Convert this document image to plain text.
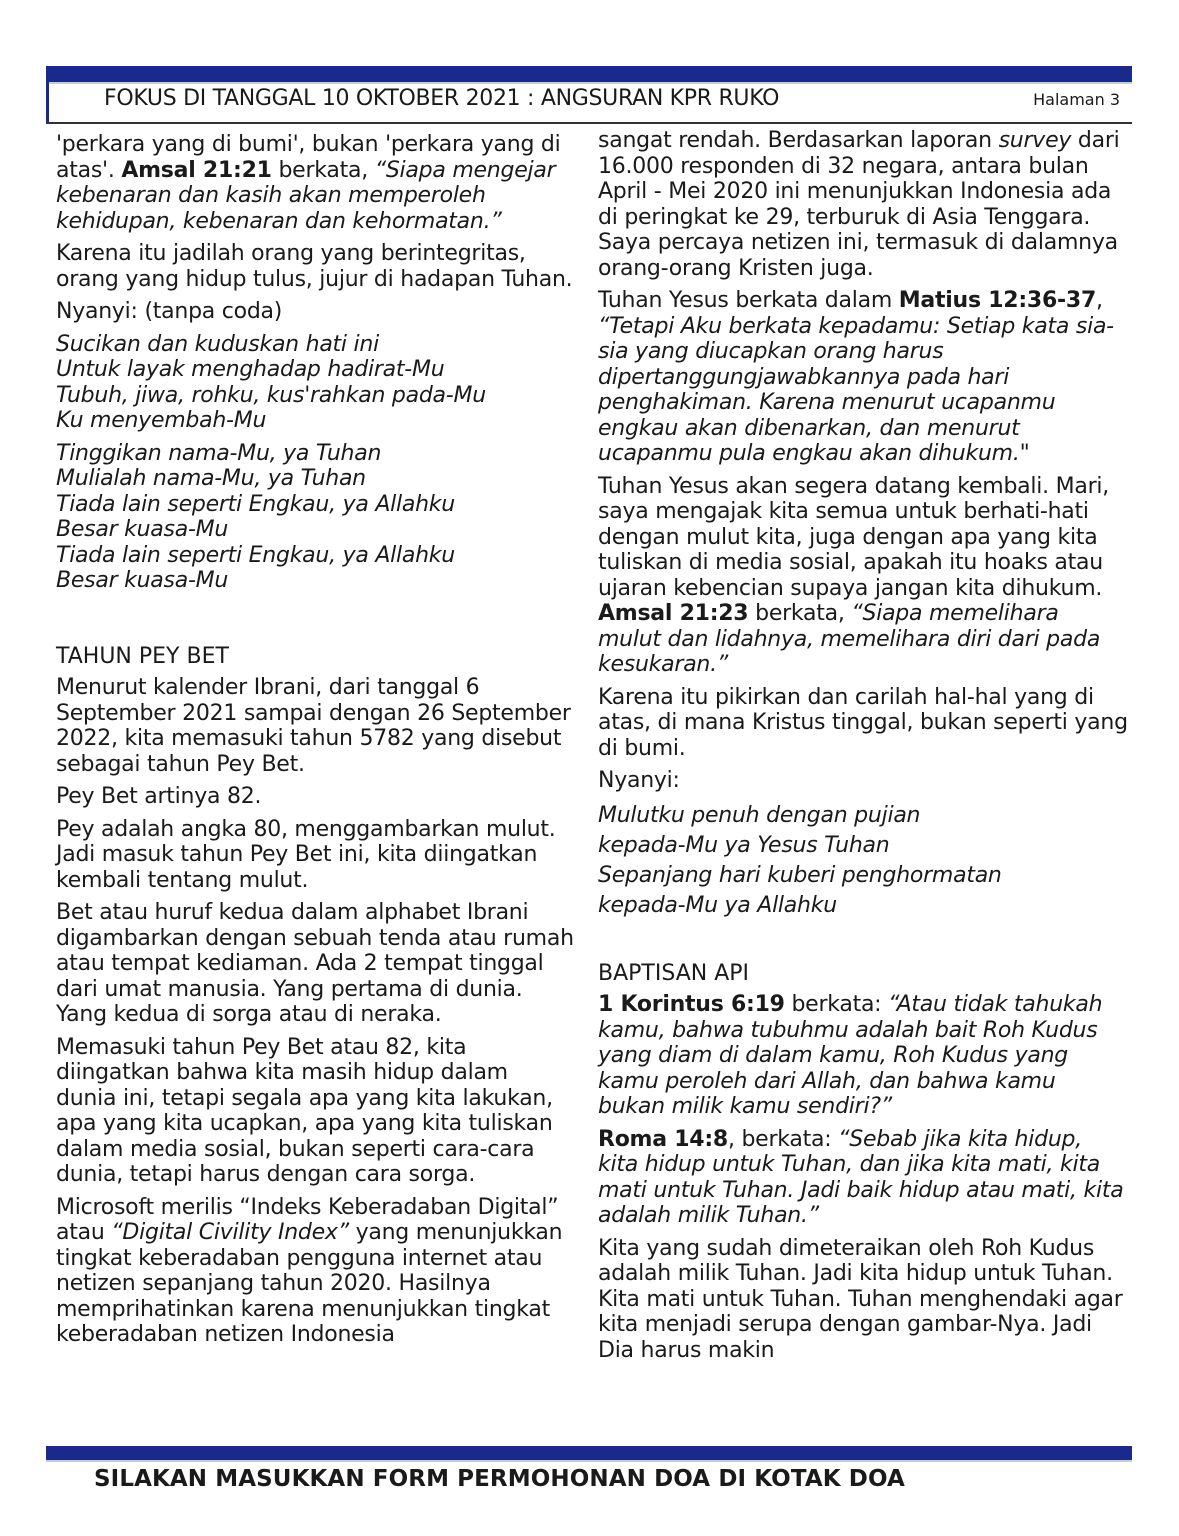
FOKUS DI TANGGAL 10 OKTOBER 2021 : ANGSURAN KPR RUKO	Halaman 3

'perkara yang di bumi', bukan 'perkara yang di atas'. Amsal 21:21 berkata, “Siapa mengejar kebenaran dan kasih akan memperoleh kehidupan, kebenaran dan kehormatan.”

Karena itu jadilah orang yang berintegritas, orang yang hidup tulus, jujur di hadapan Tuhan.

Nyanyi: (tanpa coda)

Sucikan dan kuduskan hati ini
Untuk layak menghadap hadirat-Mu
Tubuh, jiwa, rohku, kus'rahkan pada-Mu
Ku menyembah-Mu

Tinggikan nama-Mu, ya Tuhan
Mulialah nama-Mu, ya Tuhan
Tiada lain seperti Engkau, ya Allahku
Besar kuasa-Mu
Tiada lain seperti Engkau, ya Allahku
Besar kuasa-Mu

TAHUN PEY BET

Menurut kalender Ibrani, dari tanggal 6 September 2021 sampai dengan 26 September 2022, kita memasuki tahun 5782 yang disebut sebagai tahun Pey Bet.

Pey Bet artinya 82.

Pey adalah angka 80, menggambarkan mulut. Jadi masuk tahun Pey Bet ini, kita diingatkan kembali tentang mulut.

Bet atau huruf kedua dalam alphabet Ibrani digambarkan dengan sebuah tenda atau rumah atau tempat kediaman. Ada 2 tempat tinggal dari umat manusia. Yang pertama di dunia. Yang kedua di sorga atau di neraka.

Memasuki tahun Pey Bet atau 82, kita diingatkan bahwa kita masih hidup dalam dunia ini, tetapi segala apa yang kita lakukan, apa yang kita ucapkan, apa yang kita tuliskan dalam media sosial, bukan seperti cara-cara dunia, tetapi harus dengan cara sorga.

Microsoft merilis “Indeks Keberadaban Digital” atau “Digital Civility Index” yang menunjukkan tingkat keberadaban pengguna internet atau netizen sepanjang tahun 2020. Hasilnya memprihatinkan karena menunjukkan tingkat keberadaban netizen Indonesia

sangat rendah. Berdasarkan laporan survey dari 16.000 responden di 32 negara, antara bulan April - Mei 2020 ini menunjukkan Indonesia ada di peringkat ke 29, terburuk di Asia Tenggara. Saya percaya netizen ini, termasuk di dalamnya orang-orang Kristen juga.

Tuhan Yesus berkata dalam Matius 12:36-37, “Tetapi Aku berkata kepadamu: Setiap kata sia-sia yang diucapkan orang harus dipertanggungjawabkannya pada hari penghakiman. Karena menurut ucapanmu engkau akan dibenarkan, dan menurut ucapanmu pula engkau akan dihukum."

Tuhan Yesus akan segera datang kembali. Mari, saya mengajak kita semua untuk berhati-hati dengan mulut kita, juga dengan apa yang kita tuliskan di media sosial, apakah itu hoaks atau ujaran kebencian supaya jangan kita dihukum. Amsal 21:23 berkata, “Siapa memelihara mulut dan lidahnya, memelihara diri dari pada kesukaran.”

Karena itu pikirkan dan carilah hal-hal yang di atas, di mana Kristus tinggal, bukan seperti yang di bumi.

Nyanyi:

Mulutku penuh dengan pujian
kepada-Mu ya Yesus Tuhan
Sepanjang hari kuberi penghormatan
kepada-Mu ya Allahku

BAPTISAN API

1 Korintus 6:19 berkata: “Atau tidak tahukah kamu, bahwa tubuhmu adalah bait Roh Kudus yang diam di dalam kamu, Roh Kudus yang kamu peroleh dari Allah, dan bahwa kamu bukan milik kamu sendiri?”

Roma 14:8, berkata: “Sebab jika kita hidup, kita hidup untuk Tuhan, dan jika kita mati, kita mati untuk Tuhan. Jadi baik hidup atau mati, kita adalah milik Tuhan.”

Kita yang sudah dimeteraikan oleh Roh Kudus adalah milik Tuhan. Jadi kita hidup untuk Tuhan. Kita mati untuk Tuhan. Tuhan menghendaki agar kita menjadi serupa dengan gambar-Nya. Jadi Dia harus makin

SILAKAN MASUKKAN FORM PERMOHONAN DOA DI KOTAK DOA
